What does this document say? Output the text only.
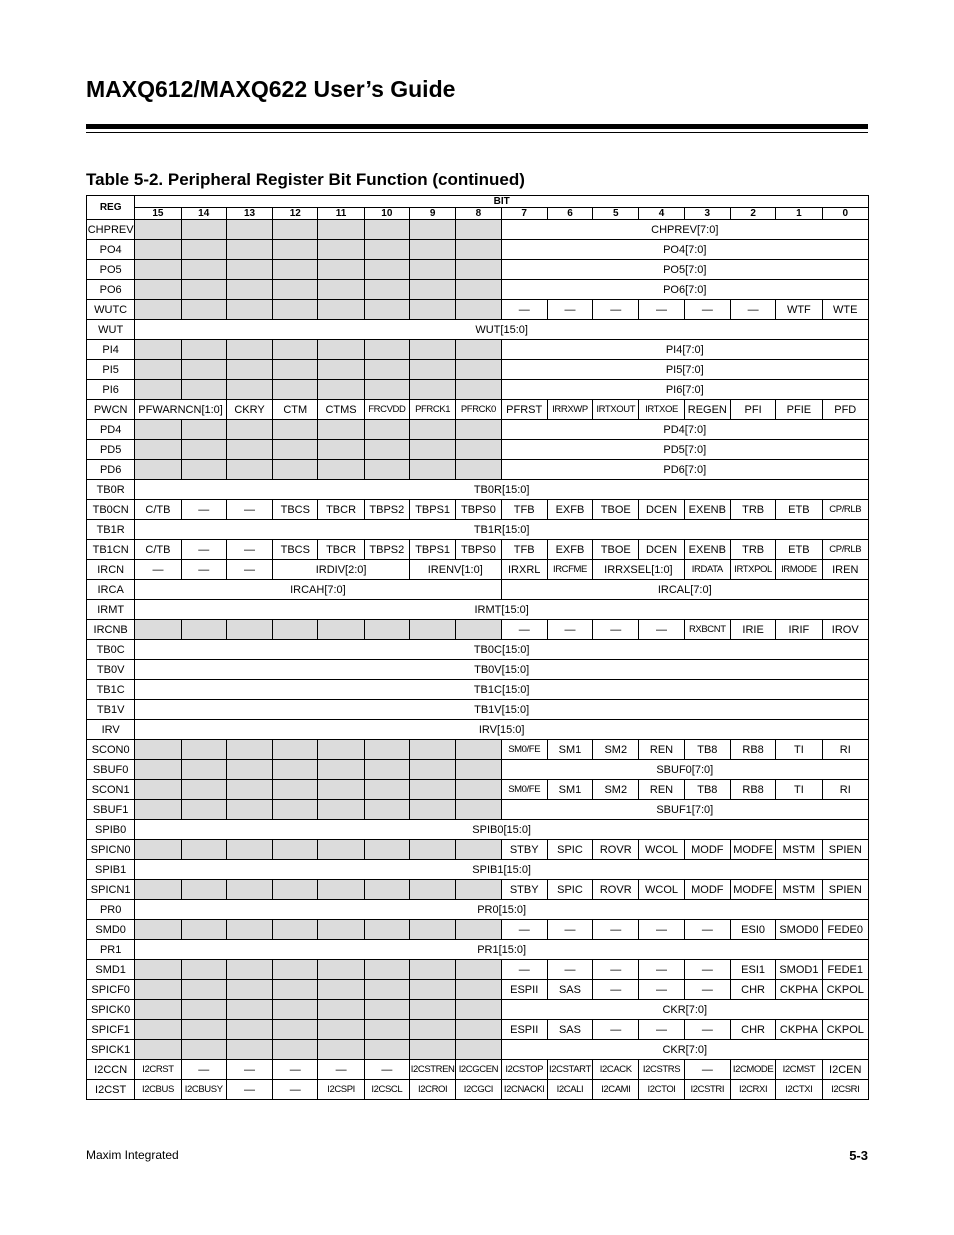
MAXQ612/MAXQ622 User’s Guide
Table 5-2. Peripheral Register Bit Function (continued)
REG	BIT															
	15	14	13	12	11	10	9	8	7	6	5	4	3	2	1	0
CHPREV									CHPREV[7:0]							
PO4									PO4[7:0]							
PO5									PO5[7:0]							
PO6									PO6[7:0]							
WUTC									—	—	—	—	—	—	WTF	WTE
WUT	WUT[15:0]															
PI4									PI4[7:0]							
PI5									PI5[7:0]							
PI6									PI6[7:0]							
PWCN	PFWARNCN[1:0]		CKRY	CTM	CTMS	FRCVDD	PFRCK1	PFRCK0	PFRST	IRRXWP	IRTXOUT	IRTXOE	REGEN	PFI	PFIE	PFD
PD4									PD4[7:0]							
PD5									PD5[7:0]							
PD6									PD6[7:0]							
TB0R	TB0R[15:0]															
TB0CN	C/TB	—	—	TBCS	TBCR	TBPS2	TBPS1	TBPS0	TFB	EXFB	TBOE	DCEN	EXENB	TRB	ETB	CP/RLB
TB1R	TB1R[15:0]															
TB1CN	C/TB	—	—	TBCS	TBCR	TBPS2	TBPS1	TBPS0	TFB	EXFB	TBOE	DCEN	EXENB	TRB	ETB	CP/RLB
IRCN	—	—	—	IRDIV[2:0]			IRENV[1:0]		IRXRL	IRCFME	IRRXSEL[1:0]		IRDATA	IRTXPOL	IRMODE	IREN
IRCA	IRCAH[7:0]								IRCAL[7:0]							
IRMT	IRMT[15:0]															
IRCNB									—	—	—	—	RXBCNT	IRIE	IRIF	IROV
TB0C	TB0C[15:0]															
TB0V	TB0V[15:0]															
TB1C	TB1C[15:0]															
TB1V	TB1V[15:0]															
IRV	IRV[15:0]															
SCON0									SM0/FE	SM1	SM2	REN	TB8	RB8	TI	RI
SBUF0									SBUF0[7:0]							
SCON1									SM0/FE	SM1	SM2	REN	TB8	RB8	TI	RI
SBUF1									SBUF1[7:0]							
SPIB0	SPIB0[15:0]															
SPICN0									STBY	SPIC	ROVR	WCOL	MODF	MODFE	MSTM	SPIEN
SPIB1	SPIB1[15:0]															
SPICN1									STBY	SPIC	ROVR	WCOL	MODF	MODFE	MSTM	SPIEN
PR0	PR0[15:0]															
SMD0									—	—	—	—	—	ESI0	SMOD0	FEDE0
PR1	PR1[15:0]															
SMD1									—	—	—	—	—	ESI1	SMOD1	FEDE1
SPICF0									ESPII	SAS	—	—	—	CHR	CKPHA	CKPOL
SPICK0									CKR[7:0]							
SPICF1									ESPII	SAS	—	—	—	CHR	CKPHA	CKPOL
SPICK1									CKR[7:0]							
I2CCN	I2CRST	—	—	—	—	—	I2CSTREN	I2CGCEN	I2CSTOP	I2CSTART	I2CACK	I2CSTRS	—	I2CMODE	I2CMST	I2CEN
I2CST	I2CBUS	I2CBUSY	—	—	I2CSPI	I2CSCL	I2CROI	I2CGCI	I2CNACKI	I2CALI	I2CAMI	I2CTOI	I2CSTRI	I2CRXI	I2CTXI	I2CSRI
Maxim Integrated	5-3
